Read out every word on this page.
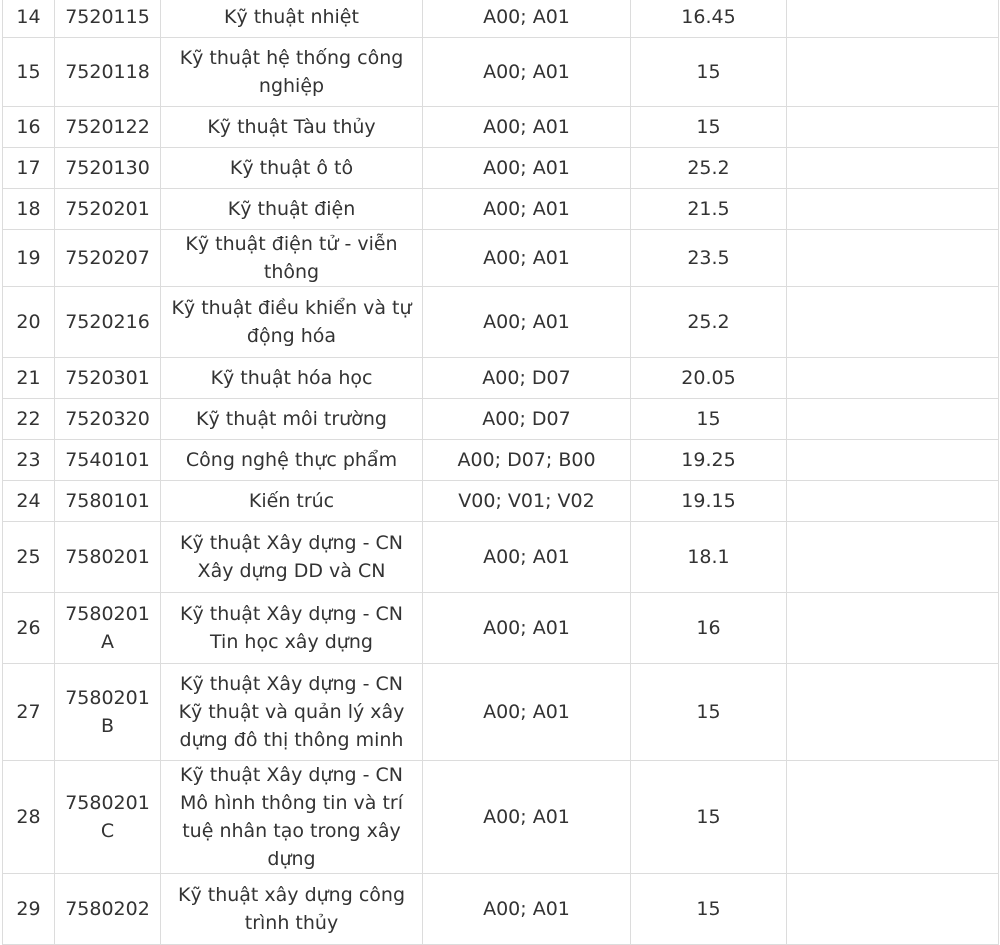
14	7520115	Kỹ thuật nhiệt	A00; A01	16.45	
15	7520118	Kỹ thuật hệ thống công nghiệp	A00; A01	15	
16	7520122	Kỹ thuật Tàu thủy	A00; A01	15	
17	7520130	Kỹ thuật ô tô	A00; A01	25.2	
18	7520201	Kỹ thuật điện	A00; A01	21.5	
19	7520207	Kỹ thuật điện tử - viễn thông	A00; A01	23.5	
20	7520216	Kỹ thuật điều khiển và tự động hóa	A00; A01	25.2	
21	7520301	Kỹ thuật hóa học	A00; D07	20.05	
22	7520320	Kỹ thuật môi trường	A00; D07	15	
23	7540101	Công nghệ thực phẩm	A00; D07; B00	19.25	
24	7580101	Kiến trúc	V00; V01; V02	19.15	
25	7580201	Kỹ thuật Xây dựng - CN Xây dựng DD và CN	A00; A01	18.1	
26	7580201A	Kỹ thuật Xây dựng - CN Tin học xây dựng	A00; A01	16	
27	7580201B	Kỹ thuật Xây dựng - CN Kỹ thuật và quản lý xây dựng đô thị thông minh	A00; A01	15	
28	7580201C	Kỹ thuật Xây dựng - CN Mô hình thông tin và trí tuệ nhân tạo trong xây dựng	A00; A01	15	
29	7580202	Kỹ thuật xây dựng công trình thủy	A00; A01	15	
